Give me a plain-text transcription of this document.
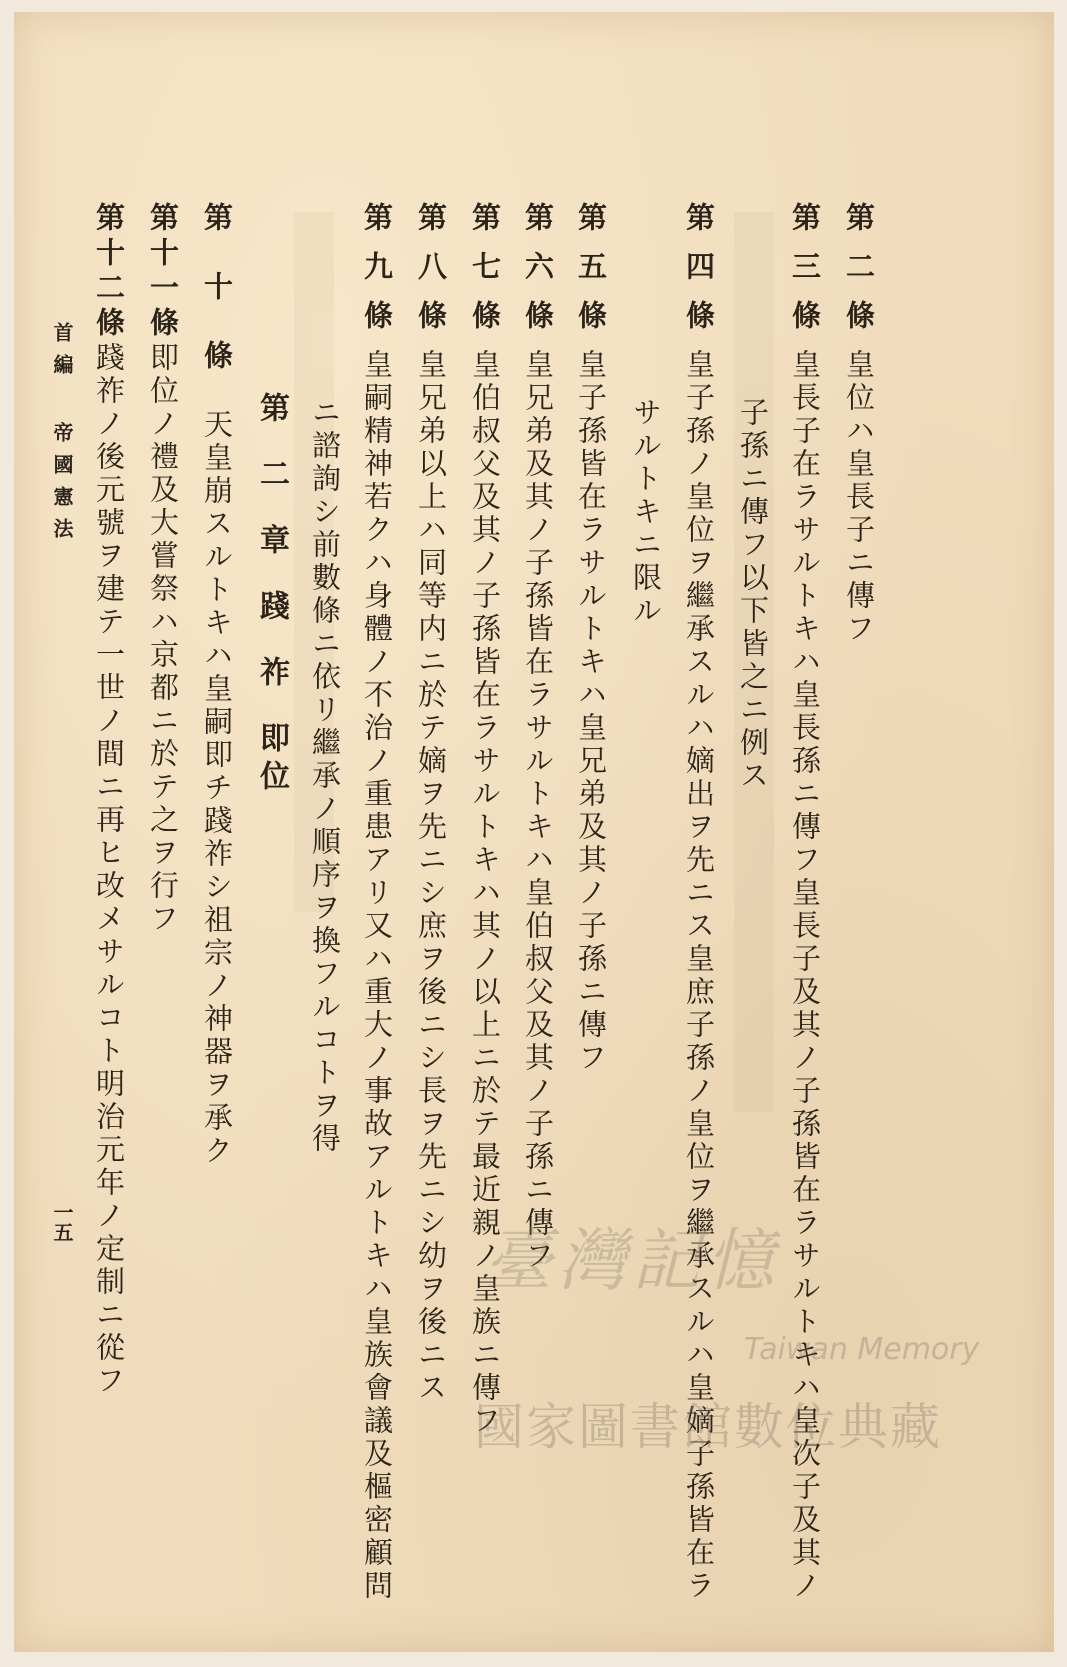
第二條皇位ハ皇長子ニ傳フ
第三條皇長子在ラサルトキハ皇長孫ニ傳フ皇長子及其ノ子孫皆在ラサルトキハ皇次子及其ノ
子孫ニ傳フ以下皆之ニ例ス
第四條皇子孫ノ皇位ヲ繼承スルハ嫡出ヲ先ニス皇庶子孫ノ皇位ヲ繼承スルハ皇嫡子孫皆在ラ
サルトキニ限ル
第五條皇子孫皆在ラサルトキハ皇兄弟及其ノ子孫ニ傳フ
第六條皇兄弟及其ノ子孫皆在ラサルトキハ皇伯叔父及其ノ子孫ニ傳フ
第七條皇伯叔父及其ノ子孫皆在ラサルトキハ其ノ以上ニ於テ最近親ノ皇族ニ傳フ
第八條皇兄弟以上ハ同等内ニ於テ嫡ヲ先ニシ庶ヲ後ニシ長ヲ先ニシ幼ヲ後ニス
第九條皇嗣精神若クハ身體ノ不治ノ重患アリ又ハ重大ノ事故アルトキハ皇族會議及樞密顧問
ニ諮詢シ前數條ニ依リ繼承ノ順序ヲ換フルコトヲ得
第二章踐祚即位
第十條天皇崩スルトキハ皇嗣即チ踐祚シ祖宗ノ神器ヲ承ク
第十一條即位ノ禮及大嘗祭ハ京都ニ於テ之ヲ行フ
第十二條踐祚ノ後元號ヲ建テ一世ノ間ニ再ヒ改メサルコト明治元年ノ定制ニ從フ
首編 帝國憲法
一五	臺灣記憶
Taiwan Memory
國家圖書館數位典藏
